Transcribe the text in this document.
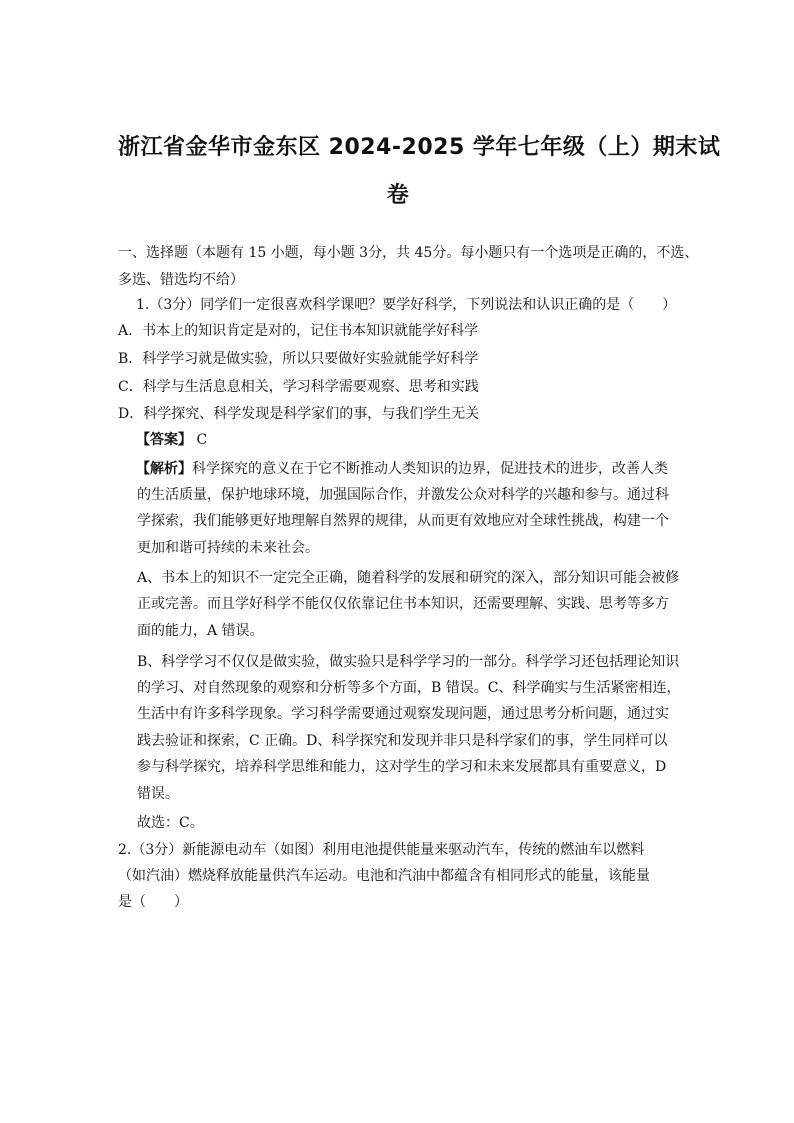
浙江省金华市金东区 2024-2025 学年七年级（上）期末试
卷
一、选择题（本题有 15 小题，每小题 3分，共 45分。每小题只有一个选项是正确的，不选、
多选、错选均不给）
1.（3分）同学们一定很喜欢科学课吧？要学好科学，下列说法和认识正确的是（　　）
A．书本上的知识肯定是对的，记住书本知识就能学好科学
B．科学学习就是做实验，所以只要做好实验就能学好科学
C．科学与生活息息相关，学习科学需要观察、思考和实践
D．科学探究、科学发现是科学家们的事，与我们学生无关
【答案】 C
【解析】科学探究的意义在于它不断推动人类知识的边界，促进技术的进步，改善人类
的生活质量，保护地球环境，加强国际合作，并激发公众对科学的兴趣和参与。通过科
学探索，我们能够更好地理解自然界的规律，从而更有效地应对全球性挑战，构建一个
更加和谐可持续的未来社会。
A、书本上的知识不一定完全正确，随着科学的发展和研究的深入，部分知识可能会被修
正或完善。而且学好科学不能仅仅依靠记住书本知识，还需要理解、实践、思考等多方
面的能力，A 错误。
B、科学学习不仅仅是做实验，做实验只是科学学习的一部分。科学学习还包括理论知识
的学习、对自然现象的观察和分析等多个方面，B 错误。C、科学确实与生活紧密相连，
生活中有许多科学现象。学习科学需要通过观察发现问题，通过思考分析问题，通过实
践去验证和探索，C 正确。D、科学探究和发现并非只是科学家们的事，学生同样可以
参与科学探究，培养科学思维和能力，这对学生的学习和未来发展都具有重要意义，D
错误。
故选：C。
2.（3分）新能源电动车（如图）利用电池提供能量来驱动汽车，传统的燃油车以燃料
（如汽油）燃烧释放能量供汽车运动。电池和汽油中都蕴含有相同形式的能量，该能量
是（　　）
